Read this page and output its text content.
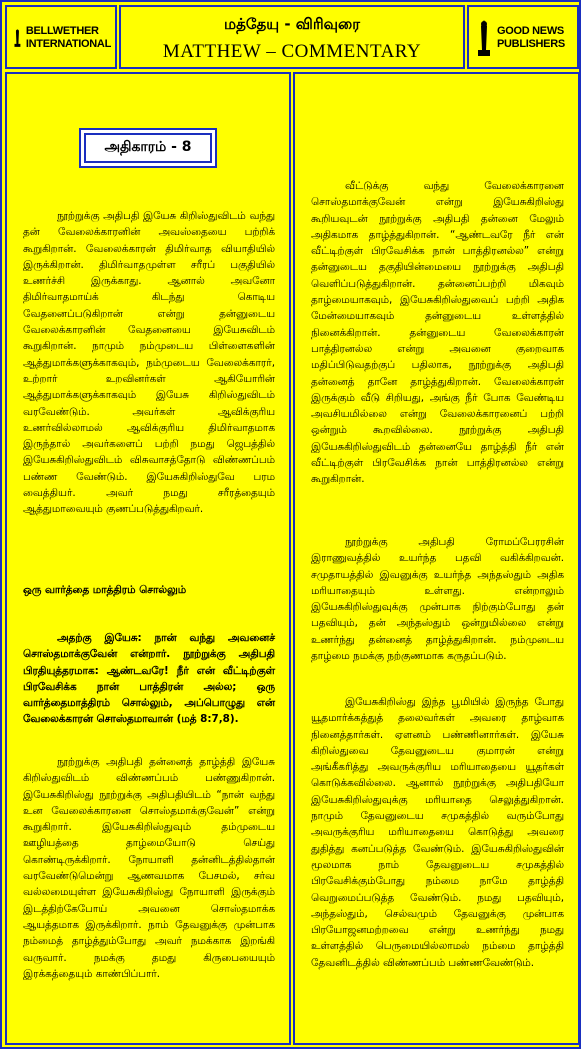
BELLWETHER
INTERNATIONAL
மத்தேயு - விரிவுரை
MATTHEW – COMMENTARY
GOOD NEWS
PUBLISHERS
அதிகாரம் - 8

நூற்றுக்கு அதிபதி இயேசு கிறிஸ்துவிடம் வந்து தன் வேலைக்காரனின் அவஸ்தையை பற்றிக் கூறுகிறான். வேலைக்காரன் திமிர்வாத வியாதியில் இருக்கிறான். திமிர்வாதமுள்ள சரீரப் பகுதியில் உணர்ச்சி இருக்காது. ஆனால் அவனோ திமிர்வாதமாய்க் கிடந்து கொடிய வேதனைப்படுகிறான் என்று தன்னுடைய வேலைக்காரனின் வேதனையை இயேசுவிடம் கூறுகிறான். நாமும் நம்முடைய பிள்ளைகளின் ஆத்துமாக்களுக்காகவும், நம்முடைய வேலைக்காரர், உற்றார் உறவினர்கள் ஆகியோரின் ஆத்துமாக்களுக்காகவும் இயேசு கிறிஸ்துவிடம் வரவேண்டும். அவர்கள் ஆவிக்குரிய உணர்வில்லாமல் ஆவிக்குரிய திமிர்வாதமாக இருந்தால் அவர்களைப் பற்றி நமது ஜெபத்தில் இயேசுகிறிஸ்துவிடம் விசுவாசத்தோடு விண்ணப்பம் பண்ண வேண்டும். இயேசுகிறிஸ்துவே பரம வைத்தியர். அவர் நமது சரீரத்தையும் ஆத்துமாவையும் குணப்படுத்துகிறவர்.

ஒரு வார்த்தை மாத்திரம் சொல்லும்

அதற்கு இயேசு: நான் வந்து அவனைச் சொஸ்தமாக்குவேன் என்றார். நூற்றுக்கு அதிபதி பிரதியுத்தரமாக: ஆண்டவரே! நீர் என் வீட்டிற்குள் பிரவேசிக்க நான் பாத்திரன் அல்ல; ஒரு வார்த்தைமாத்திரம் சொல்லும், அப்பொழுது என் வேலைக்காரன் சொஸ்தமாவான் (மத் 8:7,8).

நூற்றுக்கு அதிபதி தன்னைத் தாழ்த்தி இயேசு கிறிஸ்துவிடம் விண்ணப்பம் பண்ணுகிறான். இயேசுகிறிஸ்து நூற்றுக்கு அதிபதியிடம் “நான் வந்து உன வேலைக்காரனை சொஸ்தமாக்குவேன்” என்று கூறுகிறார். இயேசுகிறிஸ்துவும் தம்முடைய ஊழியத்தை தாழ்மையோடு செய்து கொண்டிருக்கிறார். நோயாளி தன்னிடத்தில்தான் வரவேண்டுமென்று ஆணவமாக பேசமல், சர்வ வல்லமையுள்ள இயேசுகிறிஸ்து நோயாளி இருக்கும் இடத்திற்கேபோய் அவனை சொஸ்தமாக்க ஆயத்தமாக இருக்கிறார். நாம் தேவனுக்கு முன்பாக நம்மைத் தாழ்த்தும்போது அவர் நமக்காக இறங்கி வருவார். நமக்கு தமது கிருபையையும் இரக்கத்தையும் காண்பிப்பார்.

வீட்டுக்கு வந்து வேலைக்காரனை சொஸ்தமாக்குவேன் என்று இயேசுகிறிஸ்து கூறியவுடன் நூற்றுக்கு அதிபதி தன்னை மேலும் அதிகமாக தாழ்த்துகிறான். “ஆண்டவரே நீர் என் வீட்டிற்குள் பிரவேசிக்க நான் பாத்திரனல்ல” என்று தன்னுடைய தகுதியின்மையை நூற்றுக்கு அதிபதி வெளிப்படுத்துகிறான். தன்னைப்பற்றி மிகவும் தாழ்மையாகவும், இயேசுகிறிஸ்துவைப் பற்றி அதிக மேன்மையாகவும் தன்னுடைய உள்ளத்தில் நினைக்கிறான். தன்னுடைய வேலைக்காரன் பாத்திரனல்ல என்று அவனை குறைவாக மதிப்பிடுவதற்குப் பதிலாக, நூற்றுக்கு அதிபதி தன்னைத் தானே தாழ்த்துகிறான். வேலைக்காரன் இருக்கும் வீடு சிறியது, அங்கு நீர் போக வேண்டிய அவசியமில்லை என்று வேலைக்காரனைப் பற்றி ஒன்றும் கூறவில்லை. நூற்றுக்கு அதிபதி இயேசுகிறிஸ்துவிடம் தன்னையே தாழ்த்தி நீர் என் வீட்டிற்குள் பிரவேசிக்க நான் பாத்திரனல்ல என்று கூறுகிறான்.

நூற்றுக்கு அதிபதி ரோமப்பேரரசின் இராணுவத்தில் உயர்ந்த பதவி வகிக்கிறவன். சமுதாயத்தில் இவனுக்கு உயர்ந்த அந்தஸ்தும் அதிக மரியாதையும் உள்ளது. என்றாலும் இயேசுகிறிஸ்துவுக்கு முன்பாக நிற்கும்போது தன் பதவியும், தன் அந்தஸ்தும் ஒன்றுமில்லை என்று உணர்ந்து தன்னைத் தாழ்த்துகிறான். நம்முடைய தாழ்மை நமக்கு நற்குணமாக கருதப்படும்.

இயேசுகிறிஸ்து இந்த பூமியில் இருந்த போது யூதமார்க்கத்துத் தலைவர்கள் அவரை தாழ்வாக நினைத்தார்கள். ஏளனம் பண்ணினார்கள். இயேசு கிறிஸ்துவை தேவனுடைய குமாரன் என்று அங்கீகரித்து அவருக்குரிய மரியாதையை யூதர்கள் கொடுக்கவில்லை. ஆனால் நூற்றுக்கு அதிபதியோ இயேசுகிறிஸ்துவுக்கு மரியாதை செலுத்துகிறான். நாமும் தேவனுடைய சமுகத்தில் வரும்போது அவருக்குரிய மரியாதையை கொடுத்து அவரை துதித்து கனப்படுத்த வேண்டும். இயேசுகிறிஸ்துவின் மூலமாக நாம் தேவனுடைய சமுகத்தில் பிரவேசிக்கும்போது நம்மை நாமே தாழ்த்தி வெறுமைப்படுத்த வேண்டும். நமது பதவியும், அந்தஸ்தும், செல்வமும் தேவனுக்கு முன்பாக பிரயோஜனமற்றவை என்று உணர்ந்து நமது உள்ளத்தில் பெருமையில்லாமல் நம்மை தாழ்த்தி தேவனிடத்தில் விண்ணப்பம் பண்ணவேண்டும்.
